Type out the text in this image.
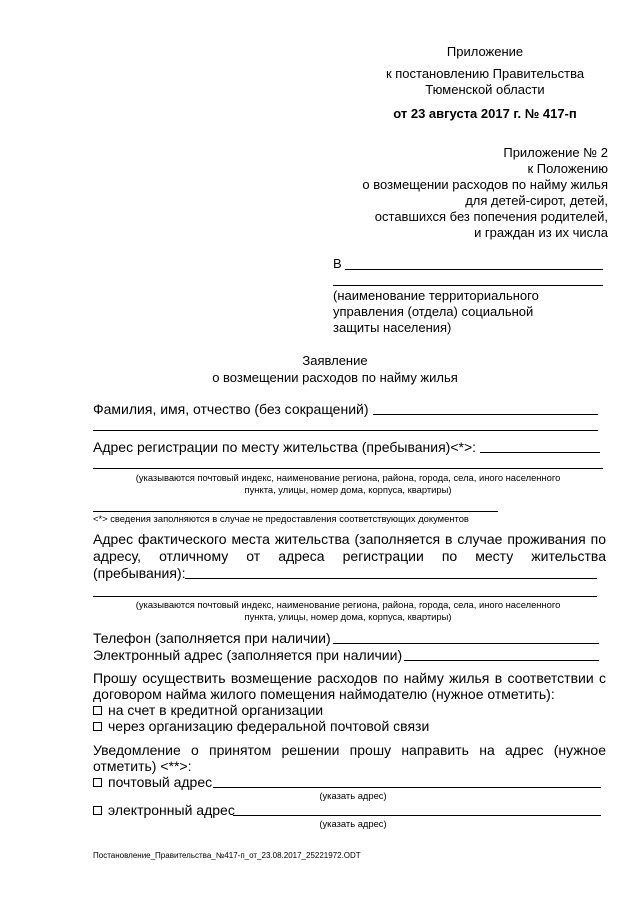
Приложение
к постановлению Правительства
Тюменской области
от 23 августа 2017 г. № 417-п
Приложение № 2
к Положению
о возмещении расходов по найму жилья
для детей-сирот, детей,
оставшихся без попечения родителей,
и граждан из их числа
В
(наименование территориального
управления (отдела) социальной
защиты населения)
Заявление
о возмещении расходов по найму жилья
Фамилия, имя, отчество (без сокращений)
Адрес регистрации по месту жительства (пребывания)<*>:
(указываются почтовый индекс, наименование региона, района, города, села, иного населенного
пункта, улицы, номер дома, корпуса, квартиры)
<*> сведения заполняются в случае не предоставления соответствующих документов
Адрес фактического места жительства (заполняется в случае проживания по
адресу, отличному от адреса регистрации по месту жительства
(пребывания):
(указываются почтовый индекс, наименование региона, района, города, села, иного населенного
пункта, улицы, номер дома, корпуса, квартиры)
Телефон (заполняется при наличии)
Электронный адрес (заполняется при наличии)
Прошу осуществить возмещение расходов по найму жилья в соответствии с
договором найма жилого помещения наймодателю (нужное отметить):
на счет в кредитной организации
через организацию федеральной почтовой связи
Уведомление о принятом решении прошу направить на адрес (нужное
отметить) <**>:
почтовый адрес
(указать адрес)
электронный адрес
(указать адрес)
Постановление_Правительства_№417-п_от_23.08.2017_25221972.ODT
